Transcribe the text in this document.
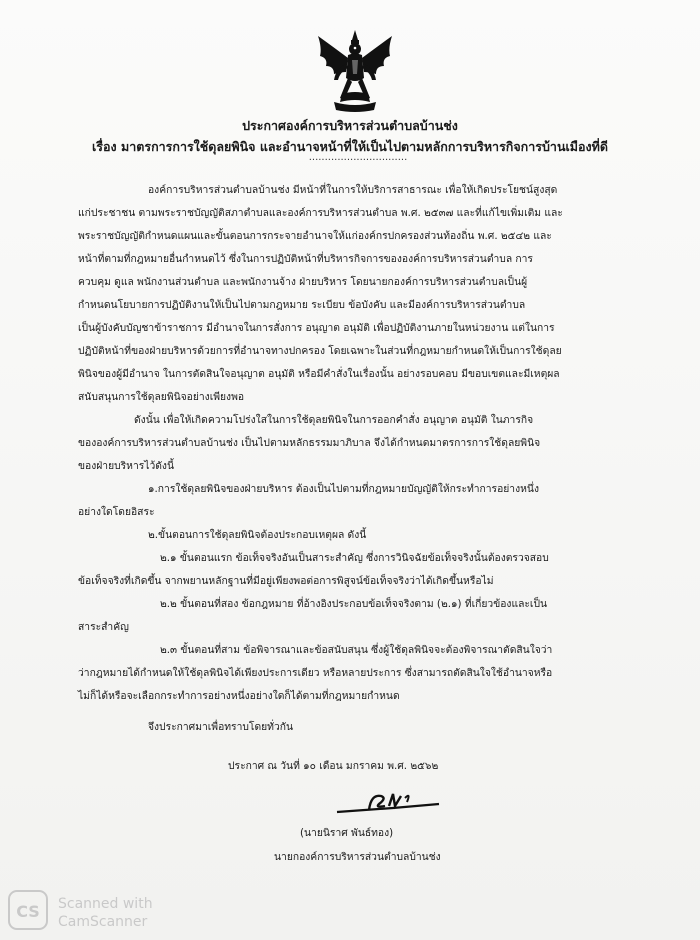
ประกาศองค์การบริหารส่วนตำบลบ้านช่ง
เรื่อง มาตรการการใช้ดุลยพินิจ และอำนาจหน้าที่ให้เป็นไปตามหลักการบริหารกิจการบ้านเมืองที่ดี
...............................
องค์การบริหารส่วนตำบลบ้านช่ง มีหน้าที่ในการให้บริการสาธารณะ เพื่อให้เกิดประโยชน์สูงสุด
แก่ประชาชน ตามพระราชบัญญัติสภาตำบลและองค์การบริหารส่วนตำบล พ.ศ. ๒๕๓๗ และที่แก้ไขเพิ่มเติม และ
พระราชบัญญัติกำหนดแผนและขั้นตอนการกระจายอำนาจให้แก่องค์กรปกครองส่วนท้องถิ่น พ.ศ. ๒๕๔๒ และ
หน้าที่ตามที่กฎหมายอื่นกำหนดไว้ ซึ่งในการปฏิบัติหน้าที่บริหารกิจการขององค์การบริหารส่วนตำบล การ
ควบคุม ดูแล พนักงานส่วนตำบล และพนักงานจ้าง ฝ่ายบริหาร โดยนายกองค์การบริหารส่วนตำบลเป็นผู้
กำหนดนโยบายการปฏิบัติงานให้เป็นไปตามกฎหมาย ระเบียบ ข้อบังคับ และมีองค์การบริหารส่วนตำบล
เป็นผู้บังคับบัญชาข้าราชการ มีอำนาจในการสั่งการ อนุญาต อนุมัติ เพื่อปฏิบัติงานภายในหน่วยงาน แต่ในการ
ปฏิบัติหน้าที่ของฝ่ายบริหารด้วยการที่อำนาจทางปกครอง โดยเฉพาะในส่วนที่กฎหมายกำหนดให้เป็นการใช้ดุลย
พินิจของผู้มีอำนาจ ในการตัดสินใจอนุญาต อนุมัติ หรือมีคำสั่งในเรื่องนั้น อย่างรอบคอบ มีขอบเขตและมีเหตุผล
สนับสนุนการใช้ดุลยพินิจอย่างเพียงพอ
ดังนั้น เพื่อให้เกิดความโปร่งใสในการใช้ดุลยพินิจในการออกคำสั่ง อนุญาต อนุมัติ ในภารกิจ
ขององค์การบริหารส่วนตำบลบ้านช่ง เป็นไปตามหลักธรรมมาภิบาล จึงได้กำหนดมาตรการการใช้ดุลยพินิจ
ของฝ่ายบริหารไว้ดังนี้
๑.การใช้ดุลยพินิจของฝ่ายบริหาร ต้องเป็นไปตามที่กฎหมายบัญญัติให้กระทำการอย่างหนึ่ง
อย่างใดโดยอิสระ
๒.ขั้นตอนการใช้ดุลยพินิจต้องประกอบเหตุผล ดังนี้
๒.๑ ขั้นตอนแรก ข้อเท็จจริงอันเป็นสาระสำคัญ ซึ่งการวินิจฉัยข้อเท็จจริงนั้นต้องตรวจสอบ
ข้อเท็จจริงที่เกิดขึ้น จากพยานหลักฐานที่มีอยู่เพียงพอต่อการพิสูจน์ข้อเท็จจริงว่าได้เกิดขึ้นหรือไม่
๒.๒ ขั้นตอนที่สอง ข้อกฎหมาย ที่อ้างอิงประกอบข้อเท็จจริงตาม (๒.๑) ที่เกี่ยวข้องและเป็น
สาระสำคัญ
๒.๓ ขั้นตอนที่สาม ข้อพิจารณาและข้อสนับสนุน ซึ่งผู้ใช้ดุลพินิจจะต้องพิจารณาตัดสินใจว่า
ว่ากฎหมายได้กำหนดให้ใช้ดุลพินิจได้เพียงประการเดียว หรือหลายประการ ซึ่งสามารถตัดสินใจใช้อำนาจหรือ
ไม่ก็ได้หรือจะเลือกกระทำการอย่างหนึ่งอย่างใดก็ได้ตามที่กฎหมายกำหนด
จึงประกาศมาเพื่อทราบโดยทั่วกัน
ประกาศ ณ วันที่ ๑๐ เดือน มกราคม พ.ศ. ๒๕๖๒
(นายนิราศ พันธ์ทอง)
นายกองค์การบริหารส่วนตำบลบ้านช่ง
CS Scanned with
CamScanner
